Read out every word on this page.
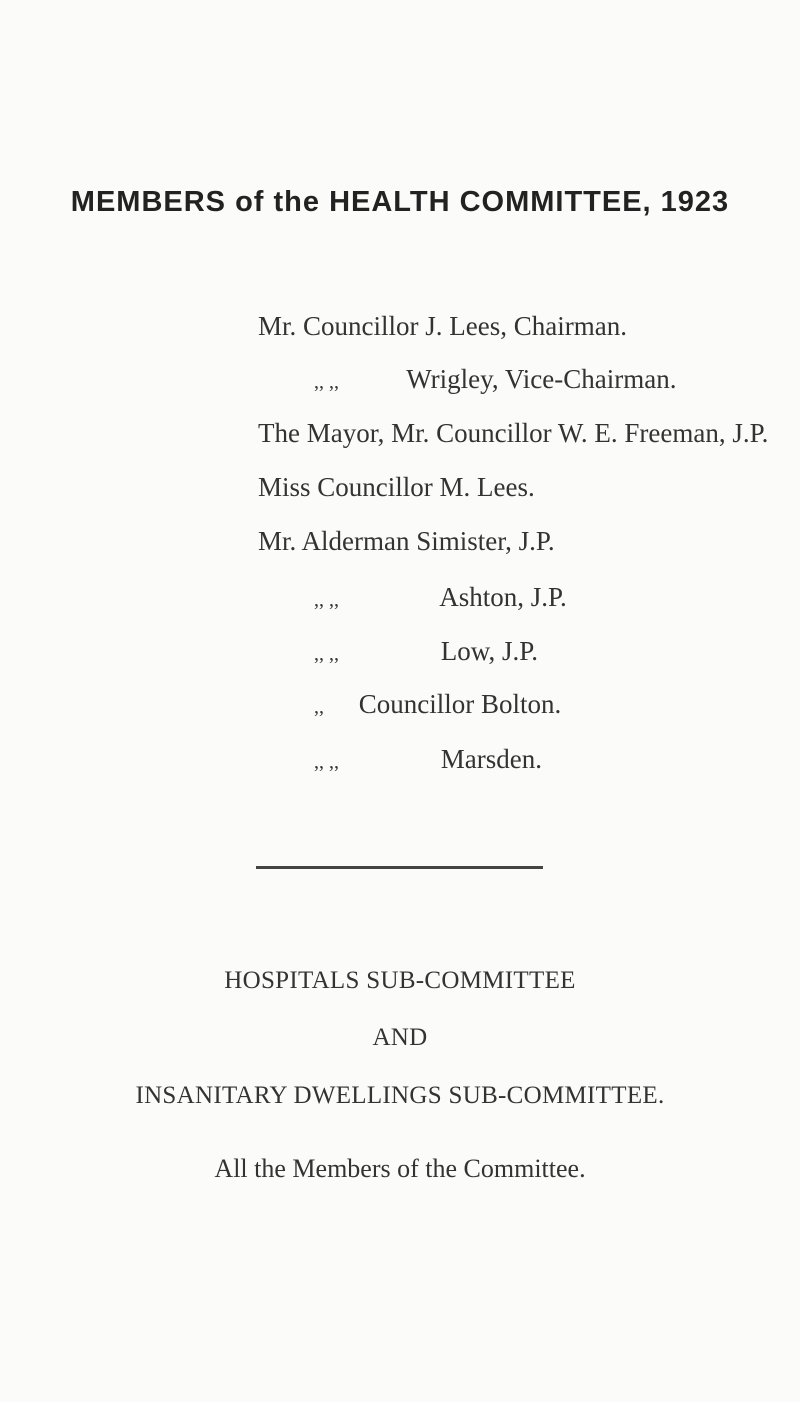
MEMBERS of the HEALTH COMMITTEE, 1923
Mr. Councillor J. Lees, Chairman.
,, ,, Wrigley, Vice-Chairman.
The Mayor, Mr. Councillor W. E. Freeman, J.P.
Miss Councillor M. Lees.
Mr. Alderman Simister, J.P.
,, ,,	Ashton, J.P.
,, ,,	Low, J.P.
,, Councillor Bolton.
,, ,,	Marsden.
HOSPITALS SUB-COMMITTEE
AND
INSANITARY DWELLINGS SUB-COMMITTEE.
All the Members of the Committee.
